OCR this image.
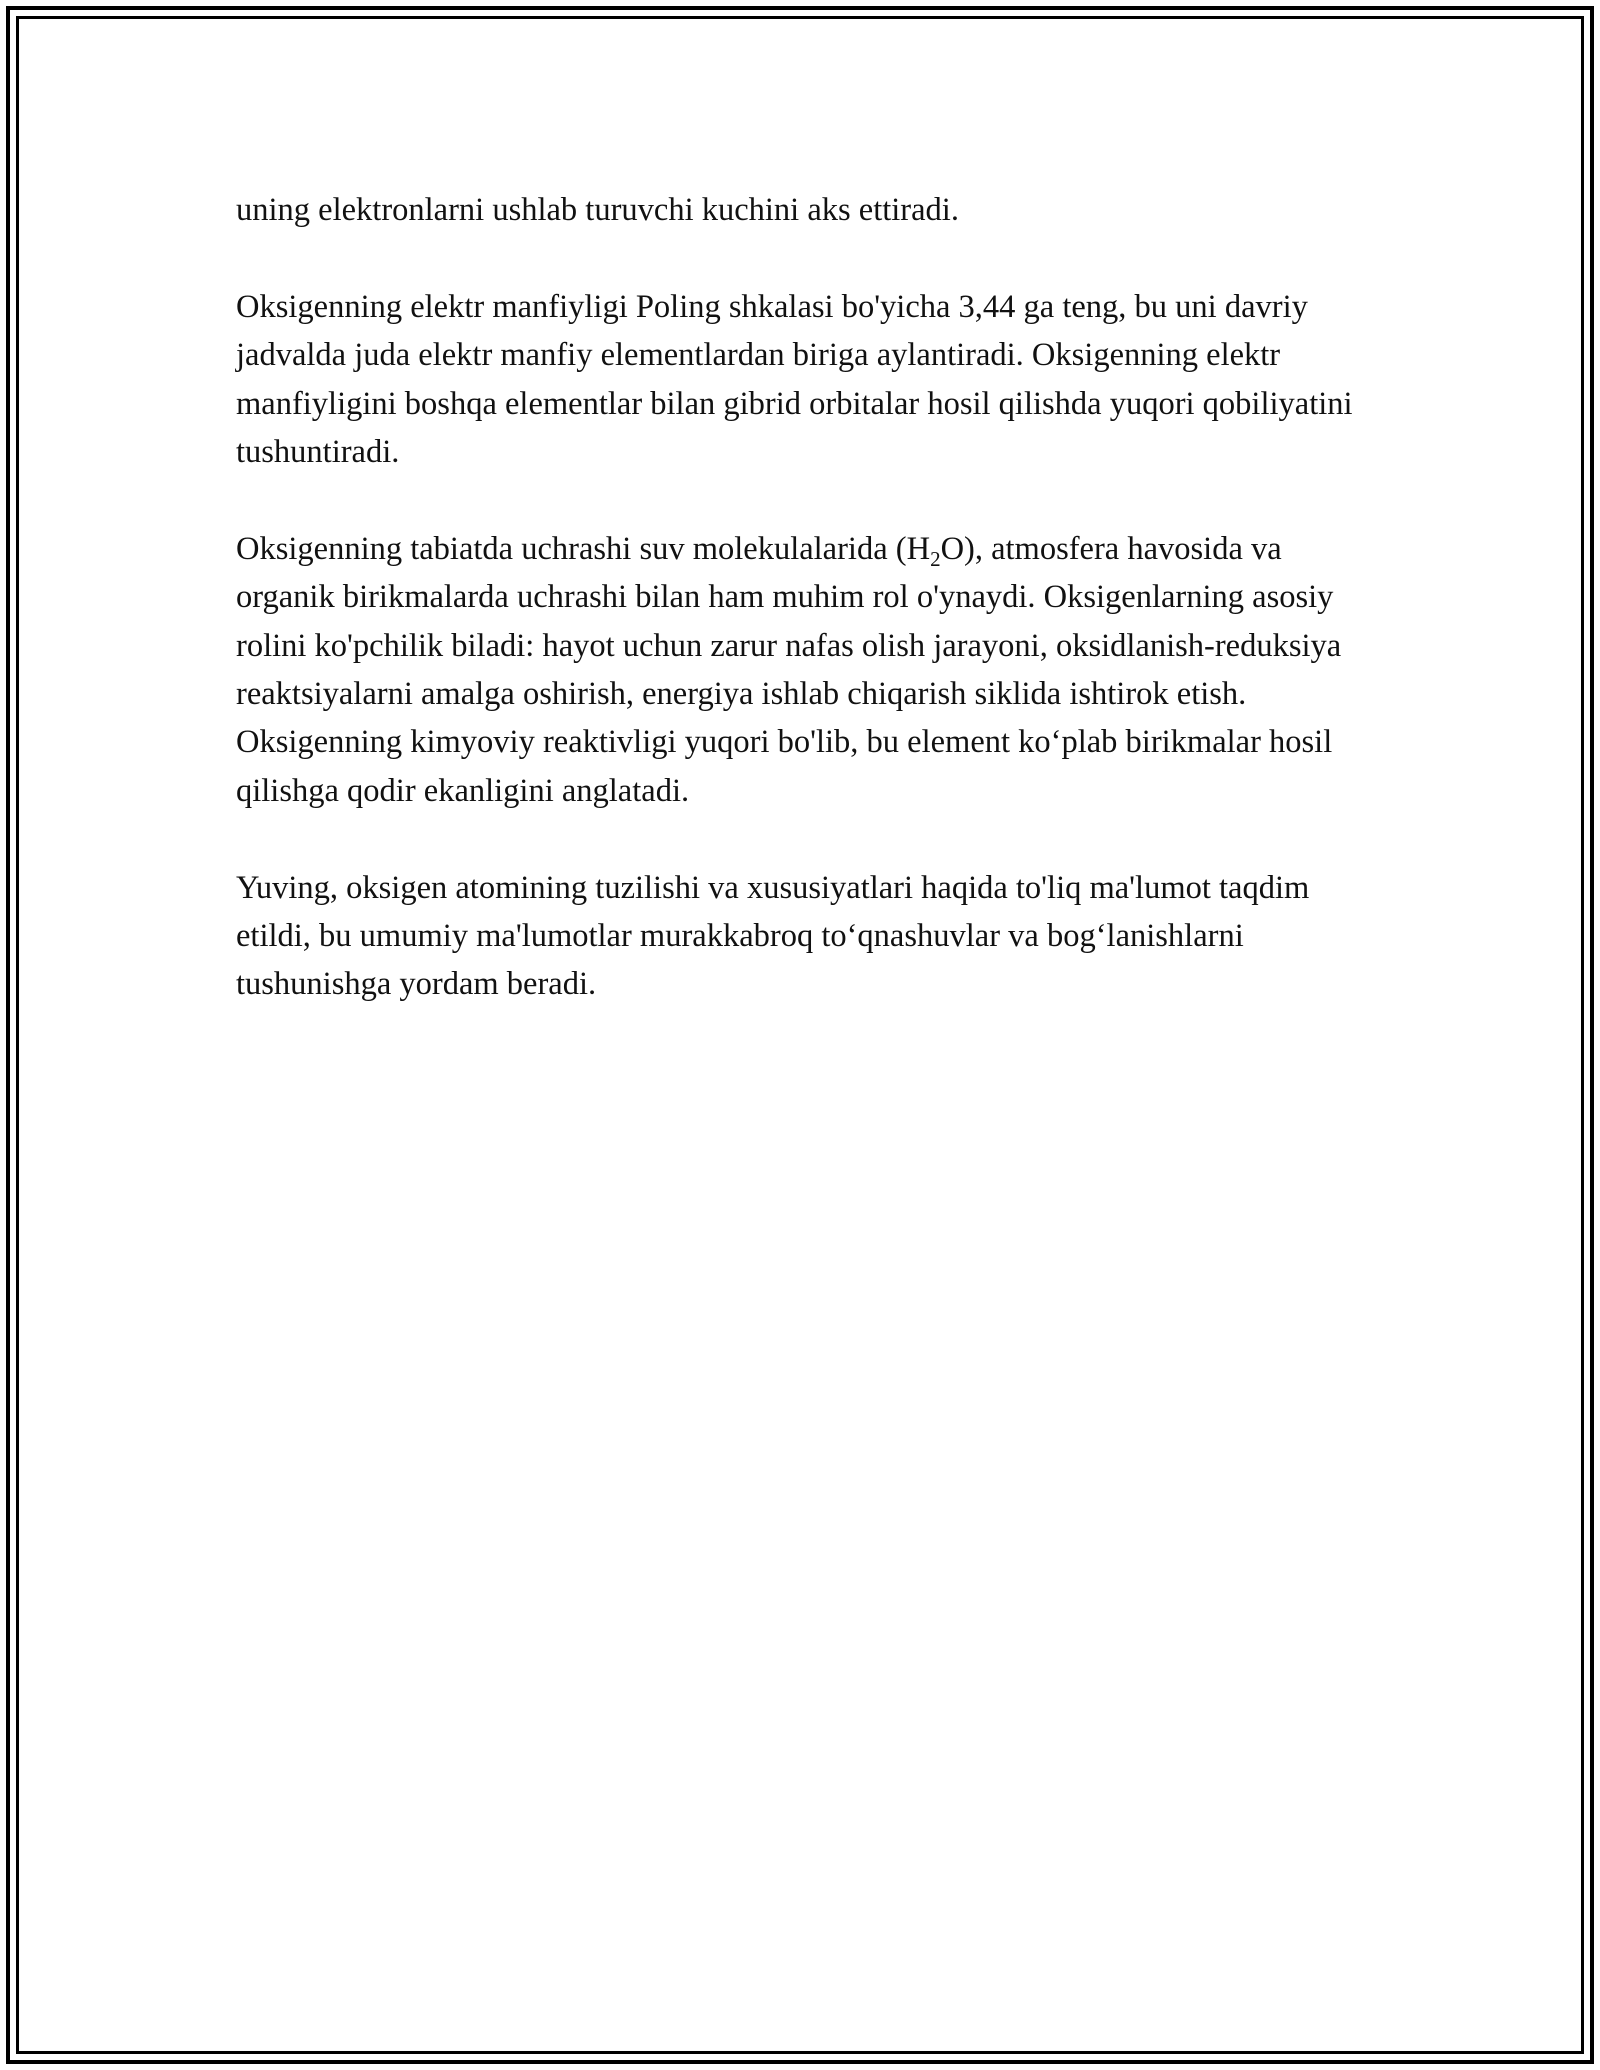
uning elektronlarni ushlab turuvchi kuchini aks ettiradi.

Oksigenning elektr manfiyligi Poling shkalasi bo'yicha 3,44 ga teng, bu uni davriy jadvalda juda elektr manfiy elementlardan biriga aylantiradi. Oksigenning elektr manfiyligini boshqa elementlar bilan gibrid orbitalar hosil qilishda yuqori qobiliyatini tushuntiradi.

Oksigenning tabiatda uchrashi suv molekulalarida $(H_2O)$, atmosfera havosida va organik birikmalarda uchrashi bilan ham muhim rol o'ynaydi. Oksigenlarning asosiy rolini ko'pchilik biladi: hayot uchun zarur nafas olish jarayoni, oksidlanish-reduksiya reaktsiyalarni amalga oshirish, energiya ishlab chiqarish siklida ishtirok etish. Oksigenning kimyoviy reaktivligi yuqori bo'lib, bu element ko‘plab birikmalar hosil qilishga qodir ekanligini anglatadi.

Yuving, oksigen atomining tuzilishi va xususiyatlari haqida to'liq ma'lumot taqdim etildi, bu umumiy ma'lumotlar murakkabroq to‘qnashuvlar va bog‘lanishlarni tushunishga yordam beradi.
